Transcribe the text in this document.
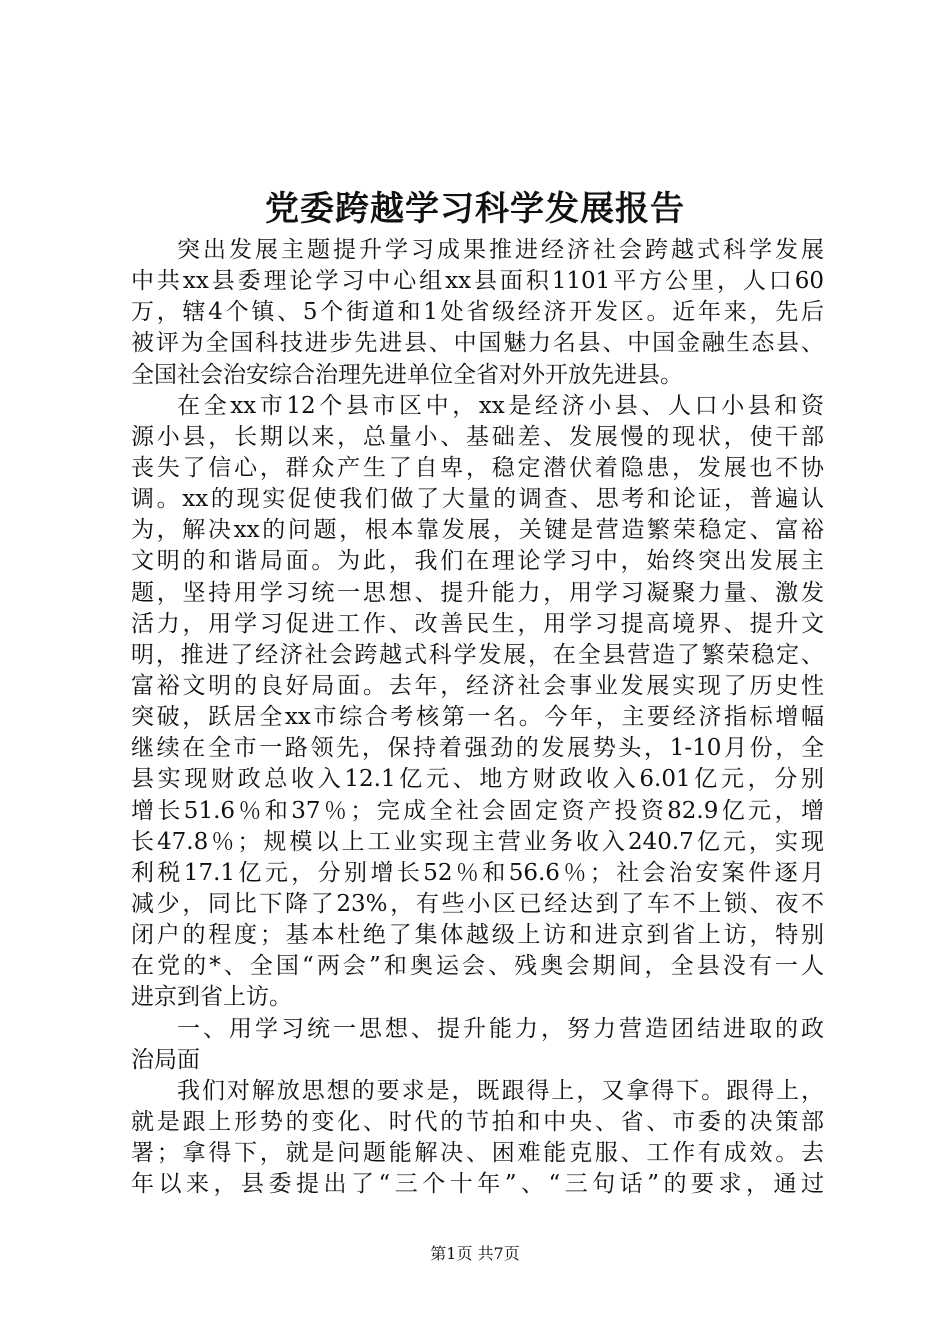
党委跨越学习科学发展报告
突出发展主题提升学习成果推进经济社会跨越式科学发展
中共xx县委理论学习中心组xx县面积1101平方公里，人口60
万，辖4个镇、5个街道和1处省级经济开发区。近年来，先后
被评为全国科技进步先进县、中国魅力名县、中国金融生态县、
全国社会治安综合治理先进单位全省对外开放先进县。
在全xx市12个县市区中，xx是经济小县、人口小县和资
源小县，长期以来，总量小、基础差、发展慢的现状，使干部
丧失了信心，群众产生了自卑，稳定潜伏着隐患，发展也不协
调。xx的现实促使我们做了大量的调查、思考和论证，普遍认
为，解决xx的问题，根本靠发展，关键是营造繁荣稳定、富裕
文明的和谐局面。为此，我们在理论学习中，始终突出发展主
题，坚持用学习统一思想、提升能力，用学习凝聚力量、激发
活力，用学习促进工作、改善民生，用学习提高境界、提升文
明，推进了经济社会跨越式科学发展，在全县营造了繁荣稳定、
富裕文明的良好局面。去年，经济社会事业发展实现了历史性
突破，跃居全xx市综合考核第一名。今年，主要经济指标增幅
继续在全市一路领先，保持着强劲的发展势头，1-10月份，全
县实现财政总收入12.1亿元、地方财政收入6.01亿元，分别
增长51.6％和37％；完成全社会固定资产投资82.9亿元，增
长47.8％；规模以上工业实现主营业务收入240.7亿元，实现
利税17.1亿元，分别增长52％和56.6％；社会治安案件逐月
减少，同比下降了23%，有些小区已经达到了车不上锁、夜不
闭户的程度；基本杜绝了集体越级上访和进京到省上访，特别
在党的*、全国“两会”和奥运会、残奥会期间，全县没有一人
进京到省上访。
一、用学习统一思想、提升能力，努力营造团结进取的政
治局面
我们对解放思想的要求是，既跟得上，又拿得下。跟得上，
就是跟上形势的变化、时代的节拍和中央、省、市委的决策部
署；拿得下，就是问题能解决、困难能克服、工作有成效。去
年以来，县委提出了“三个十年”、“三句话”的要求，通过
第1页 共7页
